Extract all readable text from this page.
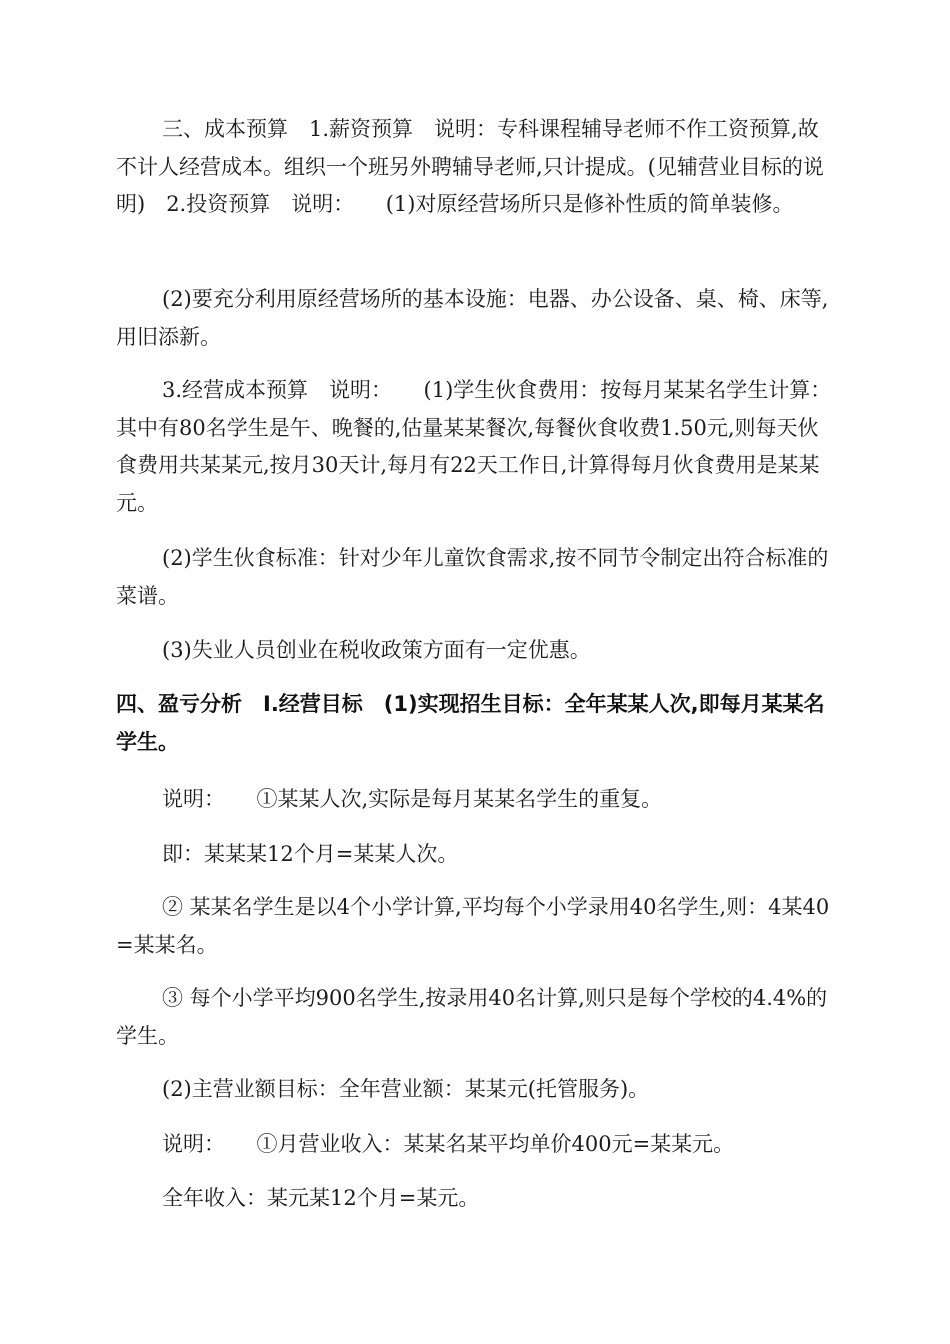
三、成本预算　1.薪资预算　说明：专科课程辅导老师不作工资预算,故不计人经营成本。组织一个班另外聘辅导老师,只计提成。(见辅营业目标的说明)　2.投资预算　说明：　　(1)对原经营场所只是修补性质的简单装修。

(2)要充分利用原经营场所的基本设施：电器、办公设备、桌、椅、床等,用旧添新。

3.经营成本预算　说明：　　(1)学生伙食费用：按每月某某名学生计算：其中有80名学生是午、晚餐的,估量某某餐次,每餐伙食收费1.50元,则每天伙食费用共某某元,按月30天计,每月有22天工作日,计算得每月伙食费用是某某元。

(2)学生伙食标准：针对少年儿童饮食需求,按不同节令制定出符合标准的菜谱。

(3)失业人员创业在税收政策方面有一定优惠。

四、盈亏分析　I.经营目标　(1)实现招生目标：全年某某人次,即每月某某名学生。

说明：　　①某某人次,实际是每月某某名学生的重复。

即：某某某12个月=某某人次。

② 某某名学生是以4个小学计算,平均每个小学录用40名学生,则：4某40=某某名。

③ 每个小学平均900名学生,按录用40名计算,则只是每个学校的4.4%的学生。

(2)主营业额目标：全年营业额：某某元(托管服务)。

说明：　　①月营业收入：某某名某平均单价400元=某某元。

全年收入：某元某12个月=某元。
